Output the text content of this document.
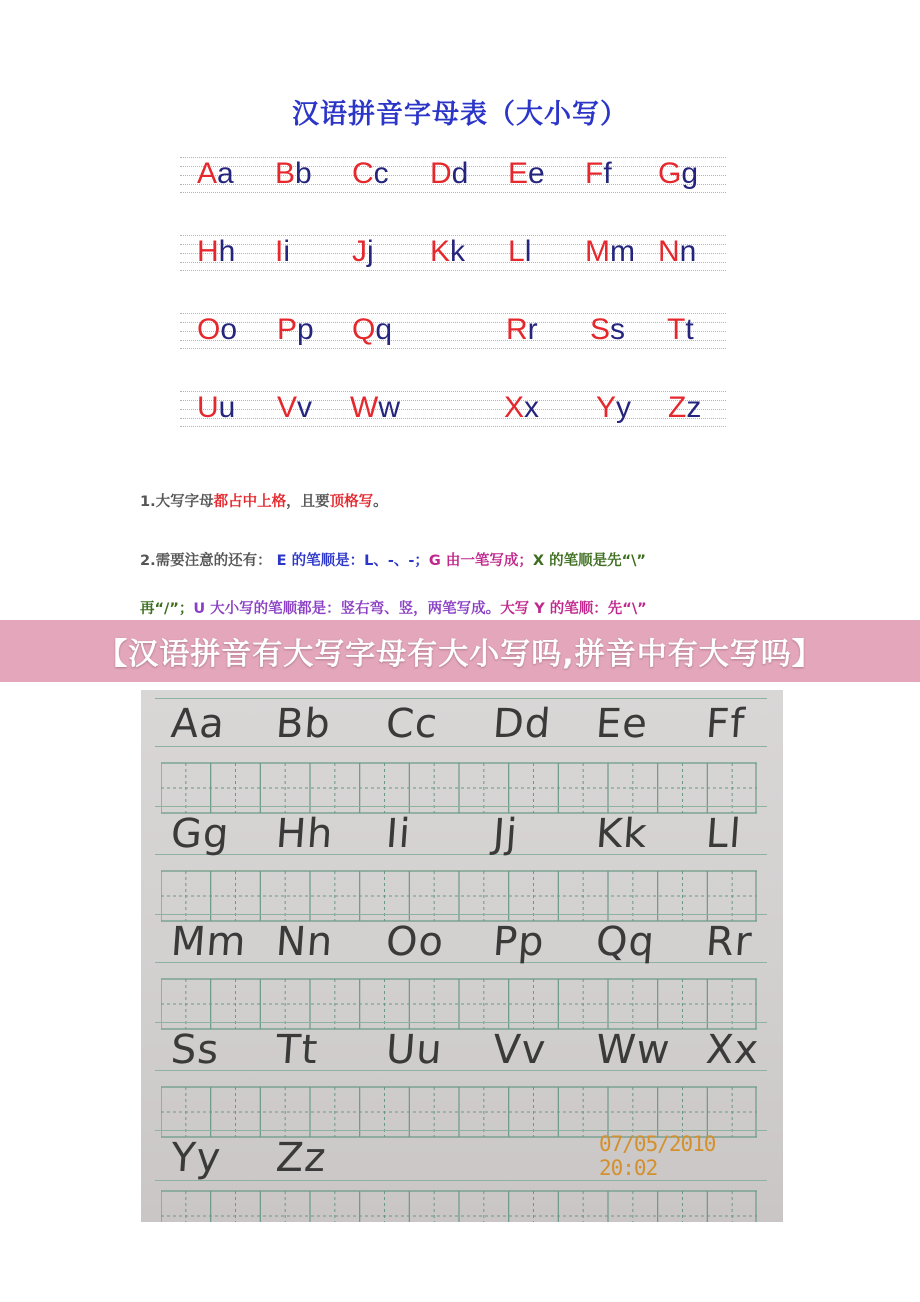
汉语拼音字母表（大小写）
Aa Bb Cc Dd Ee Ff Gg
Hh Ii Jj Kk Ll Mm Nn
Oo Pp Qq	Rr Ss Tt
Uu Vv Ww	Xx Yy Zz
1.大写字母都占中上格，且要顶格写。
2.需要注意的还有： E 的笔顺是：L、-、-；G 由一笔写成；X 的笔顺是先“\”
再“/”；U 大小写的笔顺都是：竖右弯、竖，两笔写成。大写 Y 的笔顺：先“\”
【汉语拼音有大写字母有大小写吗,拼音中有大写吗】
Aa Bb Cc Dd Ee Ff
Gg Hh Ii Jj Kk Ll
Mm Nn Oo Pp Qq Rr
Ss Tt Uu Vv Ww Xx
Yy Zz	07/05/2010 20:02
